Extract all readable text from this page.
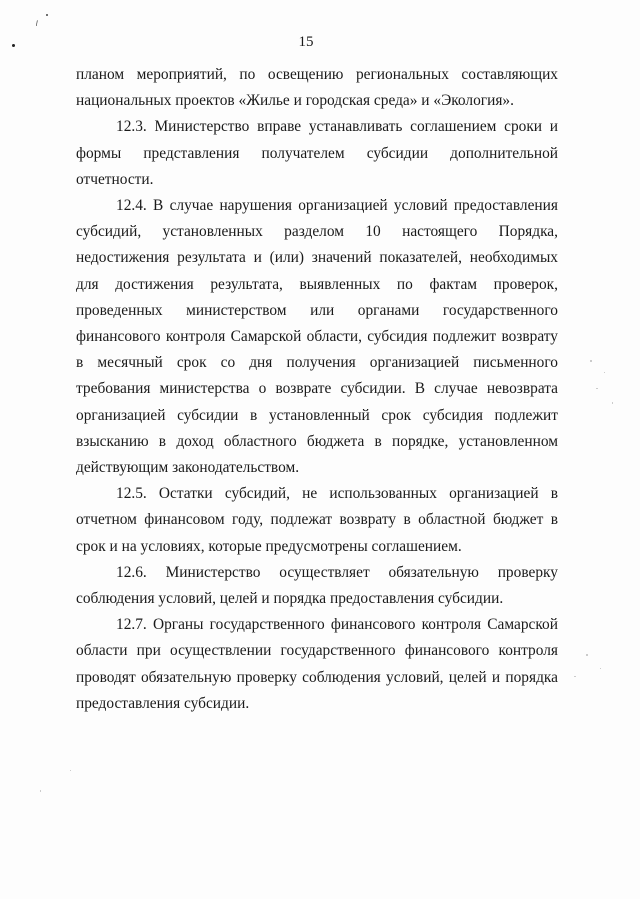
⸝
15

планом мероприятий, по освещению региональных составляющих национальных проектов «Жилье и городская среда» и «Экология».

12.3. Министерство вправе устанавливать соглашением сроки и формы представления получателем субсидии дополнительной отчетности.

12.4. В случае нарушения организацией условий предоставления субсидий, установленных разделом 10 настоящего Порядка, недостижения результата и (или) значений показателей, необходимых для достижения результата, выявленных по фактам проверок, проведенных министерством или органами государственного финансового контроля Самарской области, субсидия подлежит возврату в месячный срок со дня получения организацией письменного требования министерства о возврате субсидии. В случае невозврата организацией субсидии в установленный срок субсидия подлежит взысканию в доход областного бюджета в порядке, установленном действующим законодательством.

12.5. Остатки субсидий, не использованных организацией в отчетном финансовом году, подлежат возврату в областной бюджет в срок и на условиях, которые предусмотрены соглашением.

12.6. Министерство осуществляет обязательную проверку соблюдения условий, целей и порядка предоставления субсидии.

12.7. Органы государственного финансового контроля Самарской области при осуществлении государственного финансового контроля проводят обязательную проверку соблюдения условий, целей и порядка предоставления субсидии.
